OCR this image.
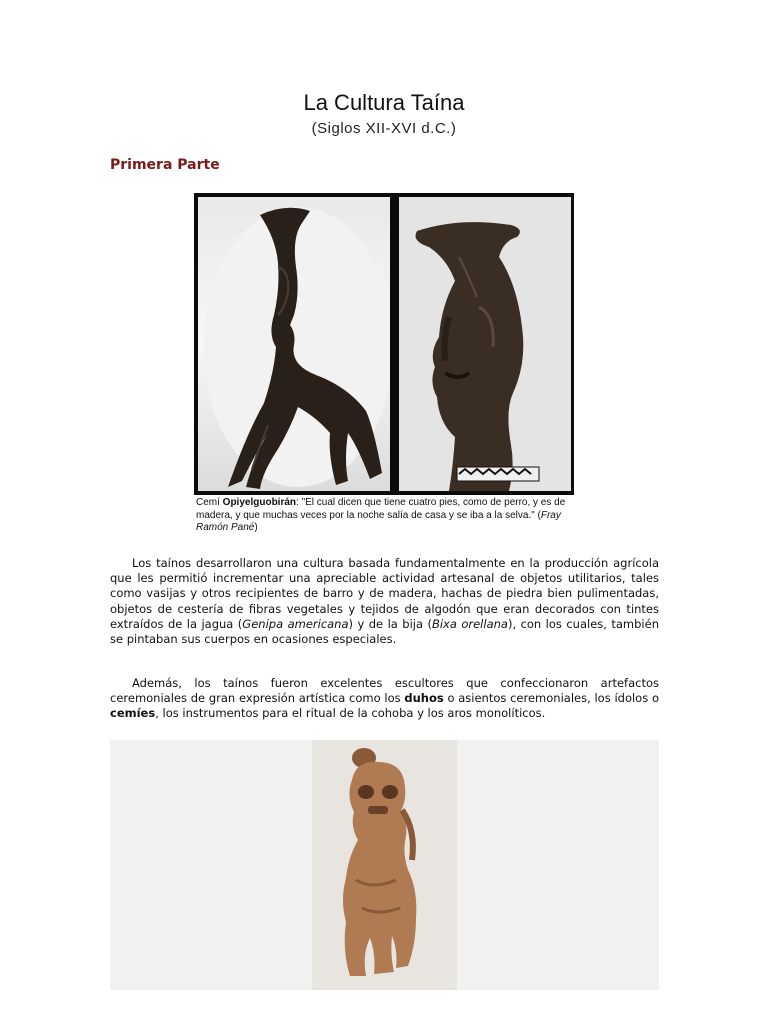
La Cultura Taína
(Siglos XII-XVI d.C.)
Primera Parte
Cemí Opiyelguobirán: "El cual dicen que tiene cuatro pies, como de perro, y es de madera, y que muchas veces por la noche salía de casa y se iba a la selva." (Fray Ramón Pané)
Los taínos desarrollaron una cultura basada fundamentalmente en la producción agrícola que les permitió incrementar una apreciable actividad artesanal de objetos utilitarios, tales como vasijas y otros recipientes de barro y de madera, hachas de piedra bien pulimentadas, objetos de cestería de fibras vegetales y tejidos de algodón que eran decorados con tintes extraídos de la jagua (Genipa americana) y de la bija (Bixa orellana), con los cuales, también se pintaban sus cuerpos en ocasiones especiales.
Además, los taínos fueron excelentes escultores que confeccionaron artefactos ceremoniales de gran expresión artística como los duhos o asientos ceremoniales, los ídolos o cemíes, los instrumentos para el ritual de la cohoba y los aros monolíticos.
